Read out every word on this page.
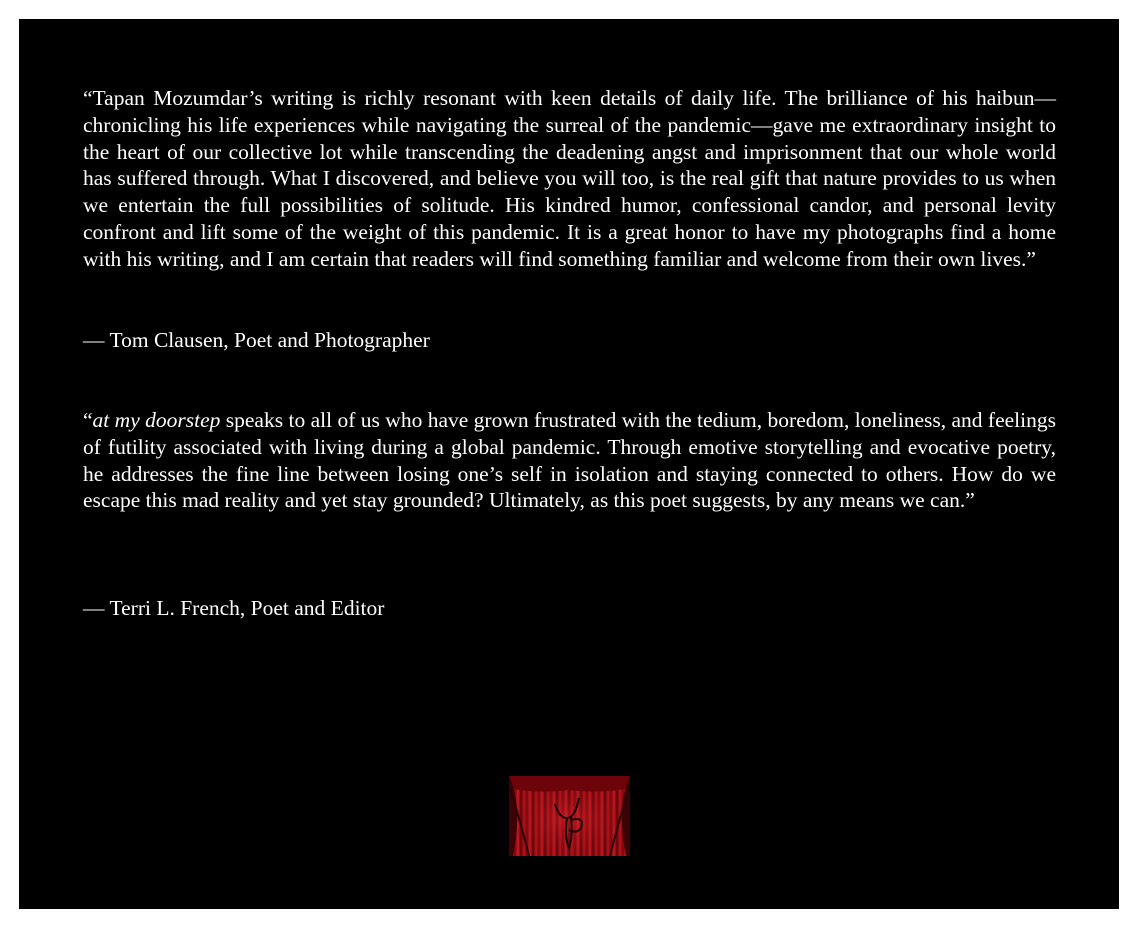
“Tapan Mozumdar’s writing is richly resonant with keen details of daily life. The brilliance of his haibun—chronicling his life experiences while navigating the surreal of the pandemic—gave me extraordinary insight to the heart of our collective lot while transcending the deadening angst and imprisonment that our whole world has suffered through. What I discovered, and believe you will too, is the real gift that nature provides to us when we entertain the full possibilities of solitude. His kindred humor, confessional candor, and personal levity confront and lift some of the weight of this pandemic. It is a great honor to have my photographs find a home with his writing, and I am certain that readers will find something familiar and welcome from their own lives.”

— Tom Clausen, Poet and Photographer

“at my doorstep speaks to all of us who have grown frustrated with the tedium, boredom, loneliness, and feelings of futility associated with living during a global pandemic. Through emotive storytelling and evocative poetry, he addresses the fine line between losing one’s self in isolation and staying connected to others. How do we escape this mad reality and yet stay grounded? Ultimately, as this poet suggests, by any means we can.”

— Terri L. French, Poet and Editor
